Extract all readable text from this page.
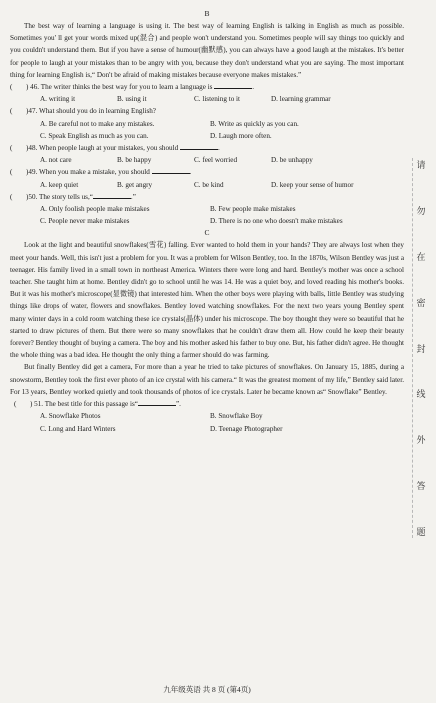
B

The best way of learning a language is using it. The best way of learning English is talking in English as much as possible. Sometimes you' ll get your words mixed up(混合) and people won't understand you. Sometimes people will say things too quickly and you couldn't understand them. But if you have a sense of humour(幽默感), you can always have a good laugh at the mistakes. It's better for people to laugh at your mistakes than to be angry with you, because they don't understand what you are saying. The most important thing for learning English is,“ Don't be afraid of making mistakes because everyone makes mistakes.”

(	) 46. The writer thinks the best way for you to learn a language is
	.
A. writing it	B. using it	C. listening to it	D. learning grammar
(	)47. What should you do in learning English?
A. Be careful not to make any mistakes.	B. Write as quickly as you can.
C. Speak English as much as you can.	D. Laugh more often.
(	)48. When people laugh at your mistakes, you should
	.
A. not care	B. be happy	C. feel worried	D. be unhappy
(	)49. When you make a mistake, you should
	.
A. keep quiet	B. get angry	C. be kind	D. keep your sense of humor
(	)50. The story tells us,“	.”
A. Only foolish people make mistakes	B. Few people make mistakes
C. People never make mistakes	D. There is no one who doesn't make mistakes
C

Look at the light and beautiful snowflakes(雪花) falling. Ever wanted to hold them in your hands? They are always lost when they meet your hands. Well, this isn't just a problem for you. It was a problem for Wilson Bentley, too. In the 1870s, Wilson Bentley was just a teenager. His family lived in a small town in northeast America. Winters there were long and hard. Bentley's mother was once a school teacher. She taught him at home. Bentley didn't go to school until he was 14. He was a quiet boy, and loved reading his mother's books. But it was his mother's microscope(显微镜) that interested him. When the other boys were playing with balls, little Bentley was studying things like drops of water, flowers and snowflakes. Bentley loved watching snowflakes. For the next two years young Bentley spent many winter days in a cold room watching these ice crystals(晶体) under his microscope. The boy thought they were so beautiful that he started to draw pictures of them. But there were so many snowflakes that he couldn't draw them all. How could he keep their beauty forever? Bentley thought of buying a camera. The boy and his mother asked his father to buy one. But, his father didn't agree. He thought the whole thing was a bad idea. He thought the only thing a farmer should do was farming.

But finally Bentley did get a camera, For more than a year he tried to take pictures of snowflakes. On January 15, 1885, during a snowstorm, Bentley took the first ever photo of an ice crystal with his camera.“ It was the greatest moment of my life,” Bentley said later. For 13 years, Bentley worked quietly and took thousands of photos of ice crystals. Later he became known as“ Snowflake” Bentley.

(	) 51. The best title for this passage is“	”.
A. Snowflake Photos	B. Snowflake Boy
C. Long and Hard Winters	D. Teenage Photographer
九年级英语 共 8 页 (第4页)
请
勿
在
密
封
线
外
答
题
